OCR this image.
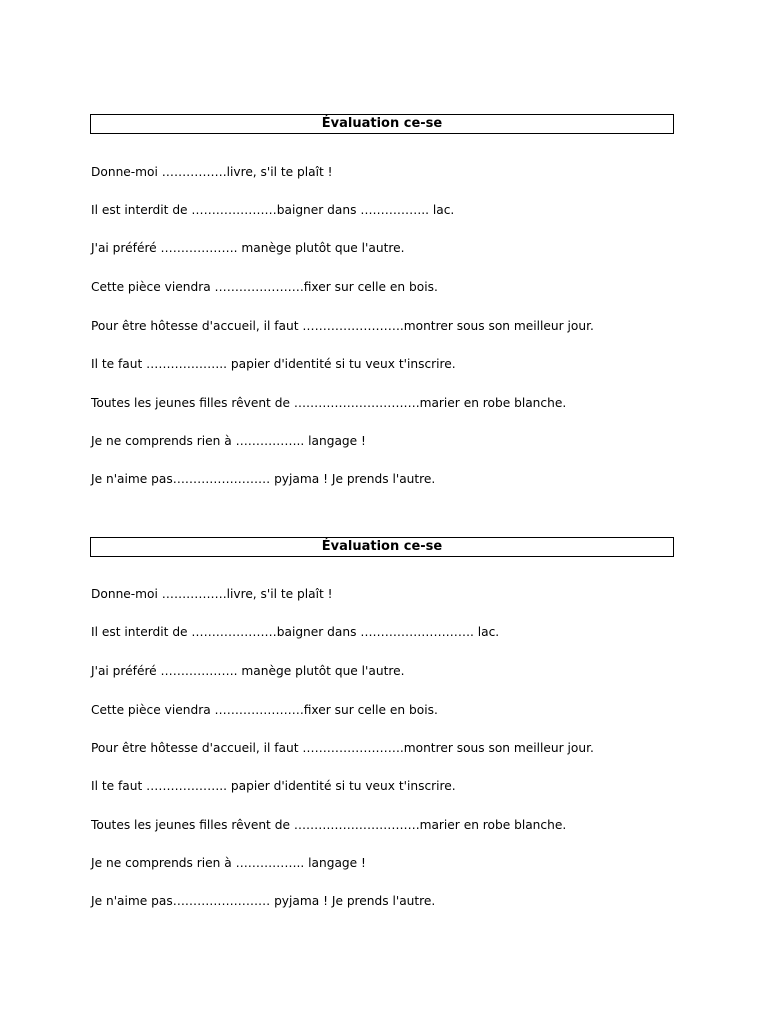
Évaluation ce-se
Donne-moi …………….livre, s'il te plaît !
Il est interdit de …………………baigner dans …………….. lac.
J'ai préféré ………………. manège plutôt que l'autre.
Cette pièce viendra ………………….fixer sur celle en bois.
Pour être hôtesse d'accueil, il faut …………………….montrer sous son meilleur jour.
Il te faut ……………….. papier d'identité si tu veux t'inscrire.
Toutes les jeunes filles rêvent de ………………………….marier en robe blanche.
Je ne comprends rien à …………….. langage !
Je n'aime pas…………………… pyjama ! Je prends l'autre.
Évaluation ce-se
Donne-moi …………….livre, s'il te plaît !
Il est interdit de …………………baigner dans ………………………. lac.
J'ai préféré ………………. manège plutôt que l'autre.
Cette pièce viendra ………………….fixer sur celle en bois.
Pour être hôtesse d'accueil, il faut …………………….montrer sous son meilleur jour.
Il te faut ……………….. papier d'identité si tu veux t'inscrire.
Toutes les jeunes filles rêvent de ………………………….marier en robe blanche.
Je ne comprends rien à …………….. langage !
Je n'aime pas…………………… pyjama ! Je prends l'autre.
